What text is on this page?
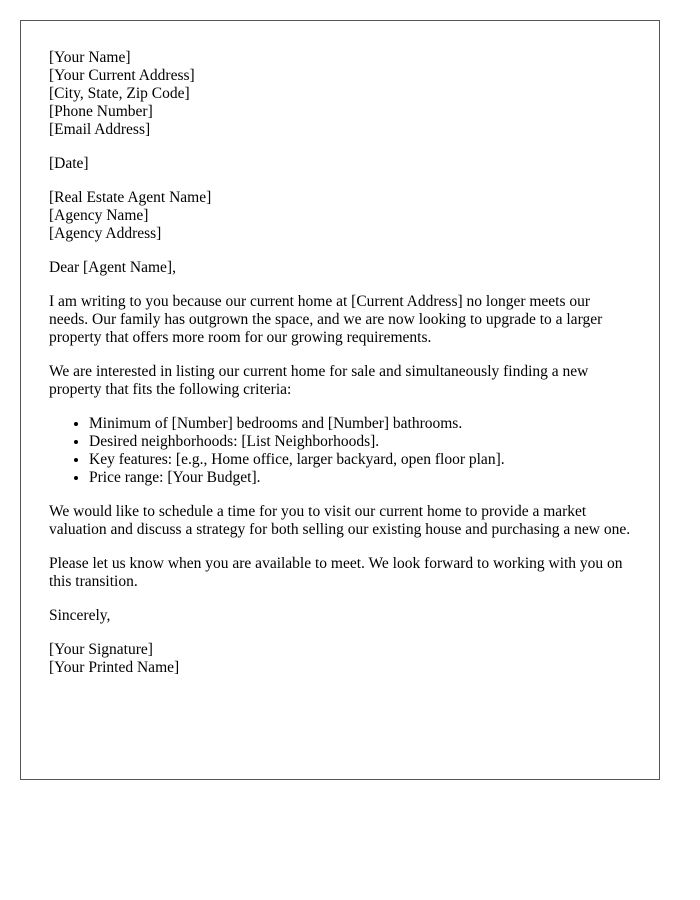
[Your Name]
[Your Current Address]
[City, State, Zip Code]
[Phone Number]
[Email Address]
[Date]
[Real Estate Agent Name]
[Agency Name]
[Agency Address]

Dear [Agent Name],

I am writing to you because our current home at [Current Address] no longer meets our needs. Our family has outgrown the space, and we are now looking to upgrade to a larger property that offers more room for our growing requirements.

We are interested in listing our current home for sale and simultaneously finding a new property that fits the following criteria:

• Minimum of [Number] bedrooms and [Number] bathrooms.
• Desired neighborhoods: [List Neighborhoods].
• Key features: [e.g., Home office, larger backyard, open floor plan].
• Price range: [Your Budget].

We would like to schedule a time for you to visit our current home to provide a market valuation and discuss a strategy for both selling our existing house and purchasing a new one.

Please let us know when you are available to meet. We look forward to working with you on this transition.

Sincerely,

[Your Signature]
[Your Printed Name]
